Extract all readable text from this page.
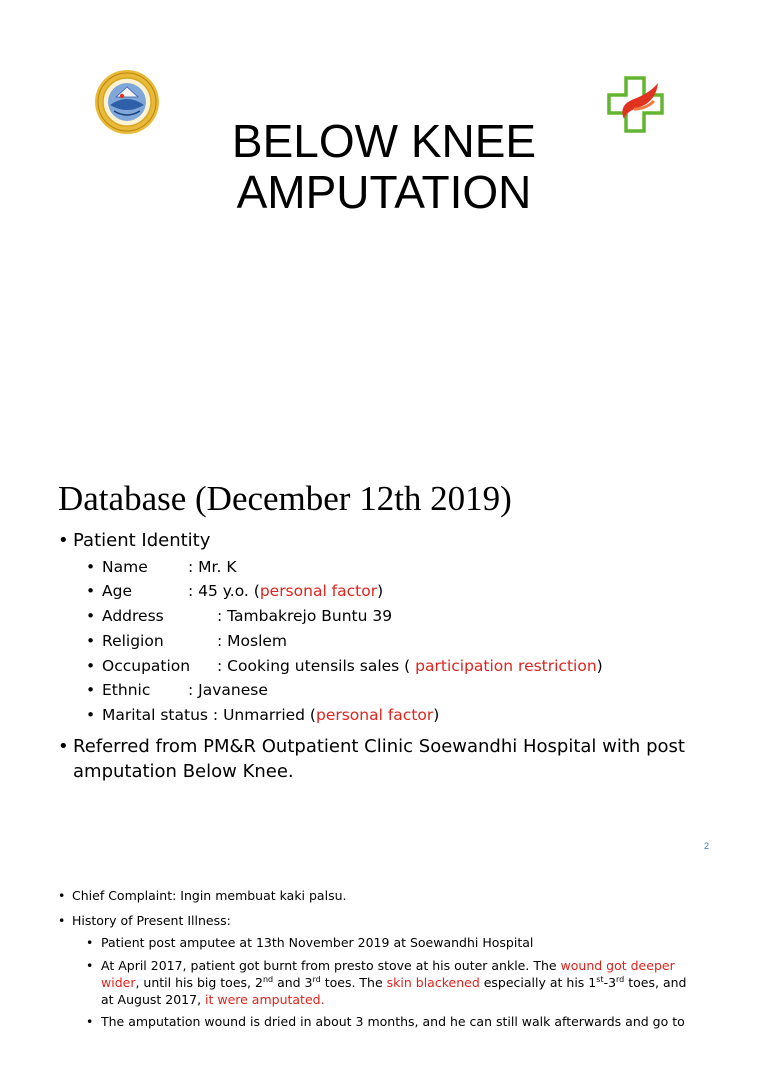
BELOW KNEE
AMPUTATION
Database (December 12th 2019)
• Patient Identity
• Name	: Mr. K
• Age	: 45 y.o. (personal factor)
• Address	: Tambakrejo Buntu 39
• Religion	: Moslem
• Occupation : Cooking utensils sales ( participation restriction)
• Ethnic : Javanese
• Marital status : Unmarried (personal factor)
• Referred from PM&R Outpatient Clinic Soewandhi Hospital with post amputation Below Knee.
2
• Chief Complaint: Ingin membuat kaki palsu.
• History of Present Illness:
• Patient post amputee at 13th November 2019 at Soewandhi Hospital
• At April 2017, patient got burnt from presto stove at his outer ankle. The wound got deeper
wider, until his big toes, 2nd and 3rd toes. The skin blackened especially at his 1st-3rd toes, and at August 2017, it were amputated.
• The amputation wound is dried in about 3 months, and he can still walk afterwards and go to
